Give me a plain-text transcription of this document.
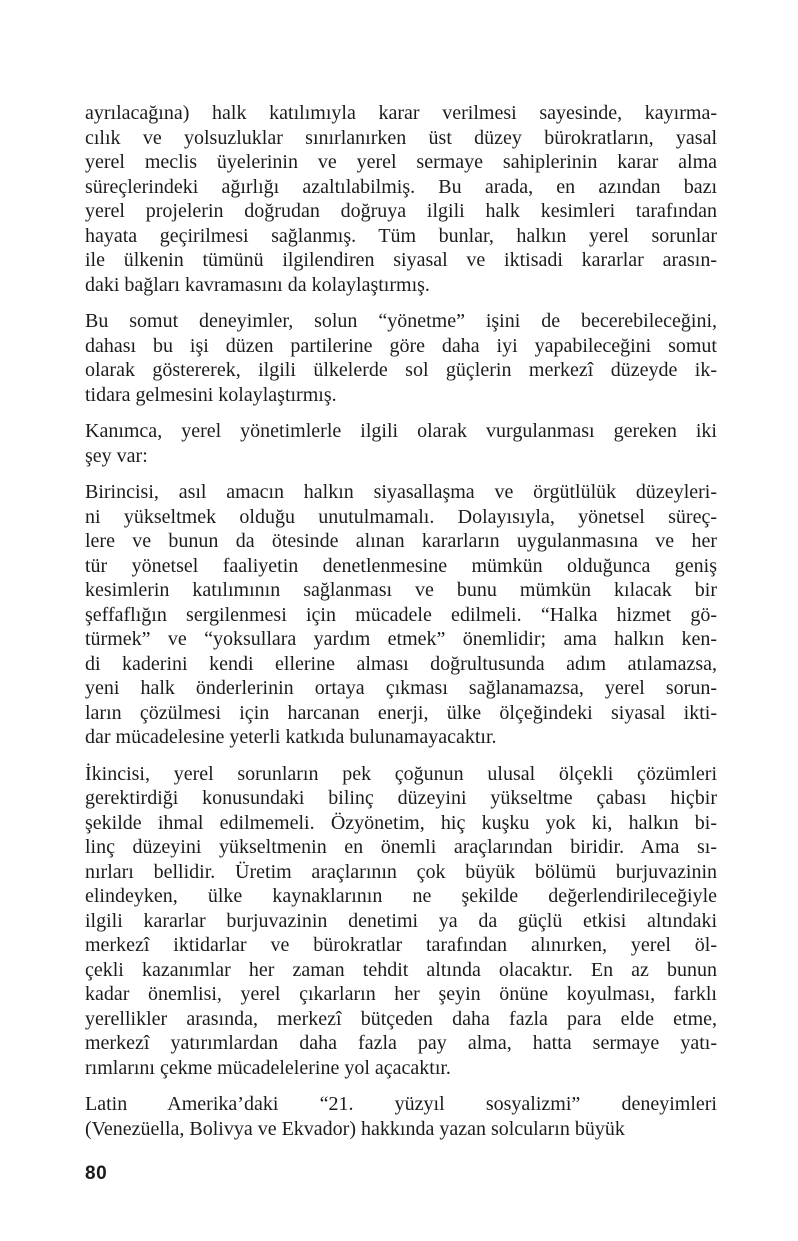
ayrılacağına) halk katılımıyla karar verilmesi sayesinde, kayırma-
cılık ve yolsuzluklar sınırlanırken üst düzey bürokratların, yasal
yerel meclis üyelerinin ve yerel sermaye sahiplerinin karar alma
süreçlerindeki ağırlığı azaltılabilmiş. Bu arada, en azından bazı
yerel projelerin doğrudan doğruya ilgili halk kesimleri tarafından
hayata geçirilmesi sağlanmış. Tüm bunlar, halkın yerel sorunlar
ile ülkenin tümünü ilgilendiren siyasal ve iktisadi kararlar arasın-
daki bağları kavramasını da kolaylaştırmış.

Bu somut deneyimler, solun “yönetme” işini de becerebileceğini,
dahası bu işi düzen partilerine göre daha iyi yapabileceğini somut
olarak göstererek, ilgili ülkelerde sol güçlerin merkezî düzeyde ik-
tidara gelmesini kolaylaştırmış.

Kanımca, yerel yönetimlerle ilgili olarak vurgulanması gereken iki
şey var:

Birincisi, asıl amacın halkın siyasallaşma ve örgütlülük düzeyleri-
ni yükseltmek olduğu unutulmamalı. Dolayısıyla, yönetsel süreç-
lere ve bunun da ötesinde alınan kararların uygulanmasına ve her
tür yönetsel faaliyetin denetlenmesine mümkün olduğunca geniş
kesimlerin katılımının sağlanması ve bunu mümkün kılacak bir
şeffaflığın sergilenmesi için mücadele edilmeli. “Halka hizmet gö-
türmek” ve “yoksullara yardım etmek” önemlidir; ama halkın ken-
di kaderini kendi ellerine alması doğrultusunda adım atılamazsa,
yeni halk önderlerinin ortaya çıkması sağlanamazsa, yerel sorun-
ların çözülmesi için harcanan enerji, ülke ölçeğindeki siyasal ikti-
dar mücadelesine yeterli katkıda bulunamayacaktır.

İkincisi, yerel sorunların pek çoğunun ulusal ölçekli çözümleri
gerektirdiği konusundaki bilinç düzeyini yükseltme çabası hiçbir
şekilde ihmal edilmemeli. Özyönetim, hiç kuşku yok ki, halkın bi-
linç düzeyini yükseltmenin en önemli araçlarından biridir. Ama sı-
nırları bellidir. Üretim araçlarının çok büyük bölümü burjuvazinin
elindeyken, ülke kaynaklarının ne şekilde değerlendirileceğiyle
ilgili kararlar burjuvazinin denetimi ya da güçlü etkisi altındaki
merkezî iktidarlar ve bürokratlar tarafından alınırken, yerel öl-
çekli kazanımlar her zaman tehdit altında olacaktır. En az bunun
kadar önemlisi, yerel çıkarların her şeyin önüne koyulması, farklı
yerellikler arasında, merkezî bütçeden daha fazla para elde etme,
merkezî yatırımlardan daha fazla pay alma, hatta sermaye yatı-
rımlarını çekme mücadelelerine yol açacaktır.

Latin Amerika’daki “21. yüzyıl sosyalizmi” deneyimleri
(Venezüella, Bolivya ve Ekvador) hakkında yazan solcuların büyük

80
